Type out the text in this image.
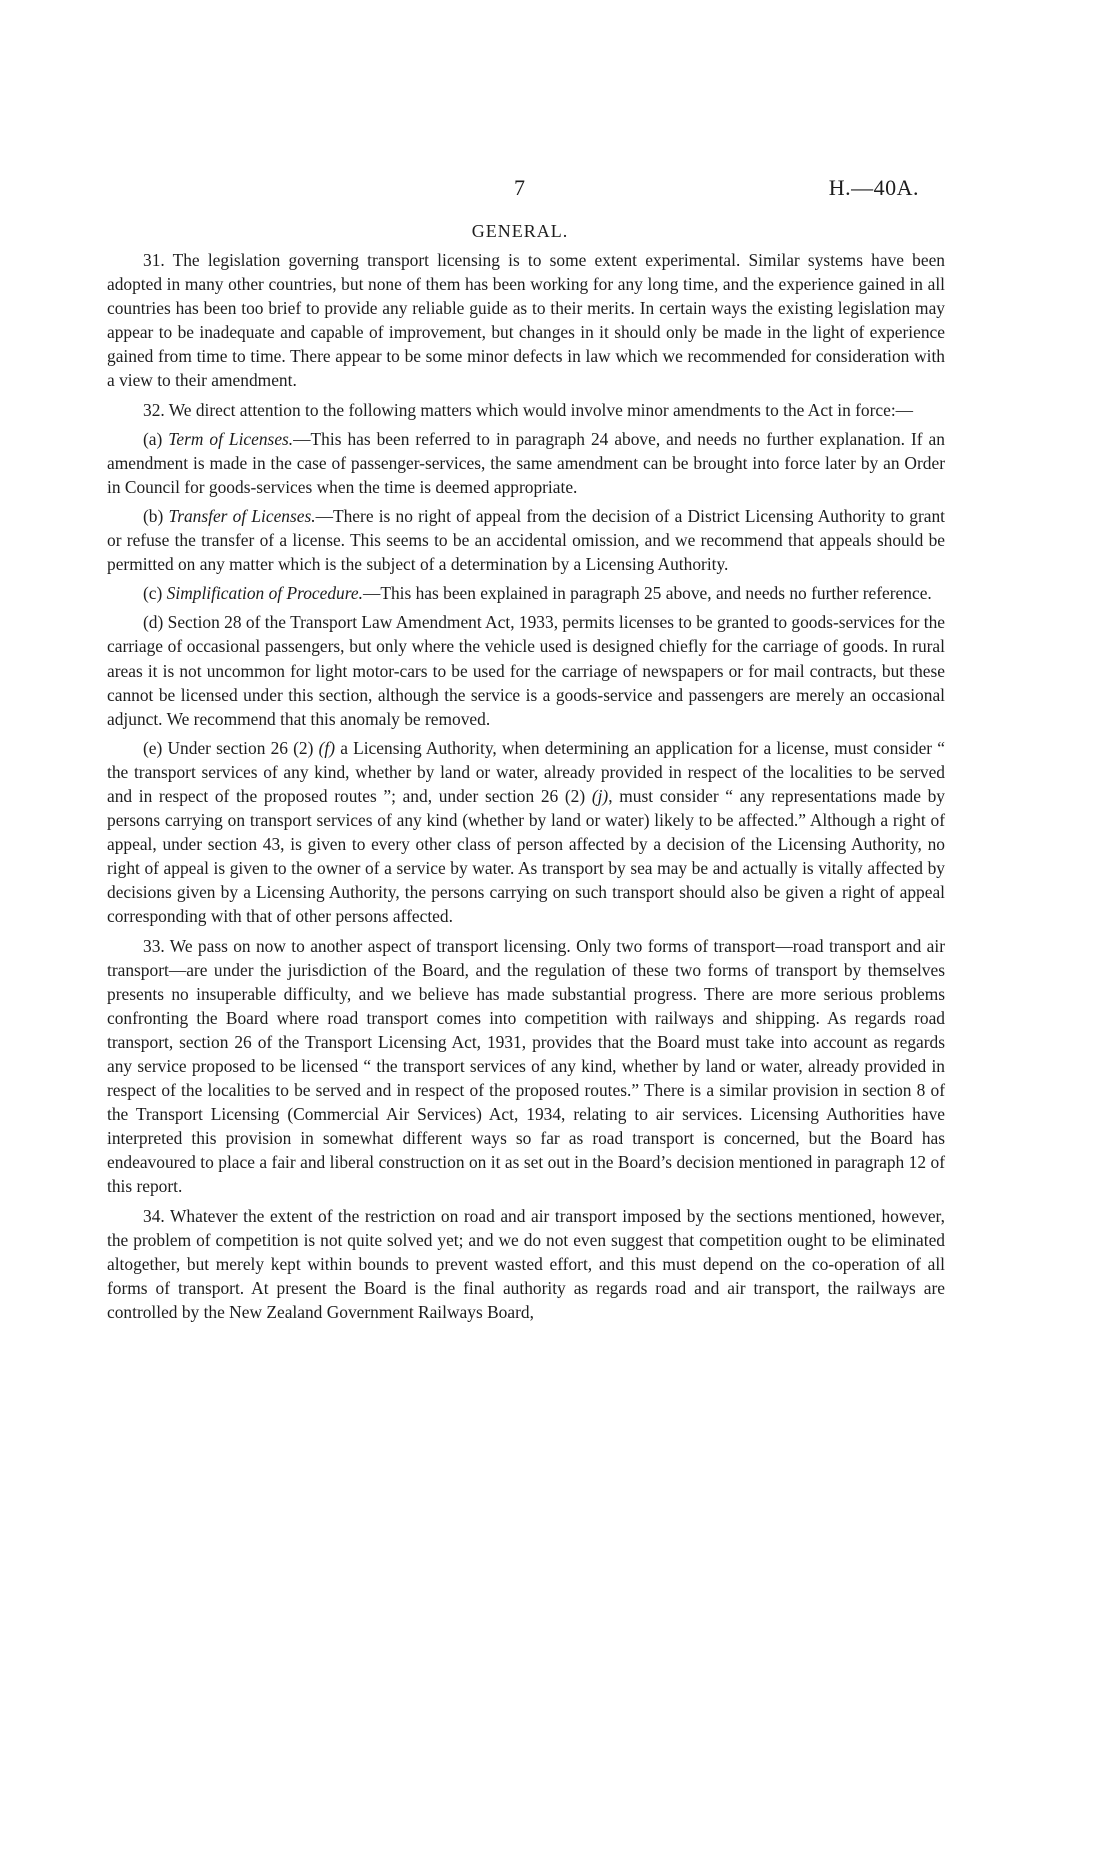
7	H.—40A.
GENERAL.

31. The legislation governing transport licensing is to some extent experimental. Similar systems have been adopted in many other countries, but none of them has been working for any long time, and the experience gained in all countries has been too brief to provide any reliable guide as to their merits. In certain ways the existing legislation may appear to be inadequate and capable of improvement, but changes in it should only be made in the light of experience gained from time to time. There appear to be some minor defects in law which we recommended for consideration with a view to their amendment.

32. We direct attention to the following matters which would involve minor amendments to the Act in force:—

(a) Term of Licenses.—This has been referred to in paragraph 24 above, and needs no further explanation. If an amendment is made in the case of passenger-services, the same amendment can be brought into force later by an Order in Council for goods-services when the time is deemed appropriate.

(b) Transfer of Licenses.—There is no right of appeal from the decision of a District Licensing Authority to grant or refuse the transfer of a license. This seems to be an accidental omission, and we recommend that appeals should be permitted on any matter which is the subject of a determination by a Licensing Authority.

(c) Simplification of Procedure.—This has been explained in paragraph 25 above, and needs no further reference.

(d) Section 28 of the Transport Law Amendment Act, 1933, permits licenses to be granted to goods-services for the carriage of occasional passengers, but only where the vehicle used is designed chiefly for the carriage of goods. In rural areas it is not uncommon for light motor-cars to be used for the carriage of newspapers or for mail contracts, but these cannot be licensed under this section, although the service is a goods-service and passengers are merely an occasional adjunct. We recommend that this anomaly be removed.

(e) Under section 26 (2) (f) a Licensing Authority, when determining an application for a license, must consider “ the transport services of any kind, whether by land or water, already provided in respect of the localities to be served and in respect of the proposed routes ”; and, under section 26 (2) (j), must consider “ any representations made by persons carrying on transport services of any kind (whether by land or water) likely to be affected.” Although a right of appeal, under section 43, is given to every other class of person affected by a decision of the Licensing Authority, no right of appeal is given to the owner of a service by water. As transport by sea may be and actually is vitally affected by decisions given by a Licensing Authority, the persons carrying on such transport should also be given a right of appeal corresponding with that of other persons affected.

33. We pass on now to another aspect of transport licensing. Only two forms of transport—road transport and air transport—are under the jurisdiction of the Board, and the regulation of these two forms of transport by themselves presents no insuperable difficulty, and we believe has made substantial progress. There are more serious problems confronting the Board where road transport comes into competition with railways and shipping. As regards road transport, section 26 of the Transport Licensing Act, 1931, provides that the Board must take into account as regards any service proposed to be licensed “ the transport services of any kind, whether by land or water, already provided in respect of the localities to be served and in respect of the proposed routes.” There is a similar provision in section 8 of the Transport Licensing (Commercial Air Services) Act, 1934, relating to air services. Licensing Authorities have interpreted this provision in somewhat different ways so far as road transport is concerned, but the Board has endeavoured to place a fair and liberal construction on it as set out in the Board’s decision mentioned in paragraph 12 of this report.

34. Whatever the extent of the restriction on road and air transport imposed by the sections mentioned, however, the problem of competition is not quite solved yet; and we do not even suggest that competition ought to be eliminated altogether, but merely kept within bounds to prevent wasted effort, and this must depend on the co-operation of all forms of transport. At present the Board is the final authority as regards road and air transport, the railways are controlled by the New Zealand Government Railways Board,
